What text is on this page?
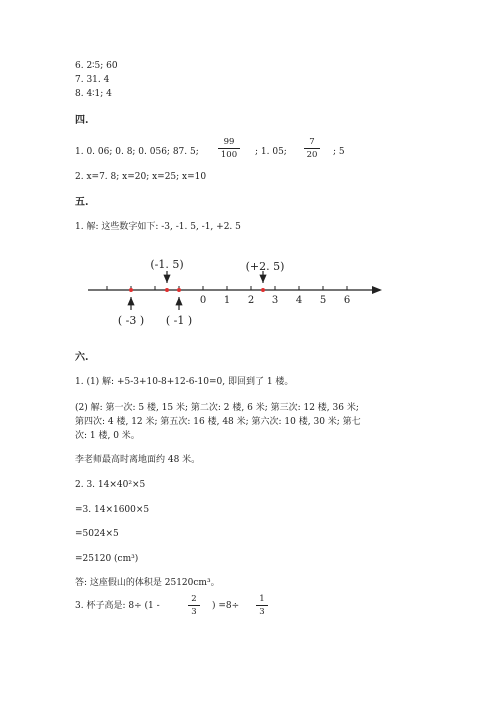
6. 2∶5; 60
7. 31. 4
8. 4∶1; 4
四.
1. 0. 06; 0. 8; 0. 056; 87. 5;
99
100	; 1. 05;
7
20 ; 5
2. x=7. 8; x=20; x=25; x=10
五.
1. 解: 这些数字如下: -3, -1. 5, -1, +2. 5
0 1 2 3 4 5 6
(-1. 5)	(+2. 5)
( -3 ) ( -1 )
六.
1. (1) 解: +5-3+10-8+12-6-10=0, 即回到了 1 楼。
(2) 解: 第一次: 5 楼, 15 米; 第二次: 2 楼, 6 米; 第三次: 12 楼, 36 米;
第四次: 4 楼, 12 米; 第五次: 16 楼, 48 米; 第六次: 10 楼, 30 米; 第七
次: 1 楼, 0 米。
李老师最高时离地面约 48 米。
2. 3. 14×40²×5
=3. 14×1600×5
=5024×5
=25120 (cm³)
答: 这座假山的体积是 25120cm³。
3. 杯子高是: 8÷ (1 -
2
3
) =8÷
1
3
